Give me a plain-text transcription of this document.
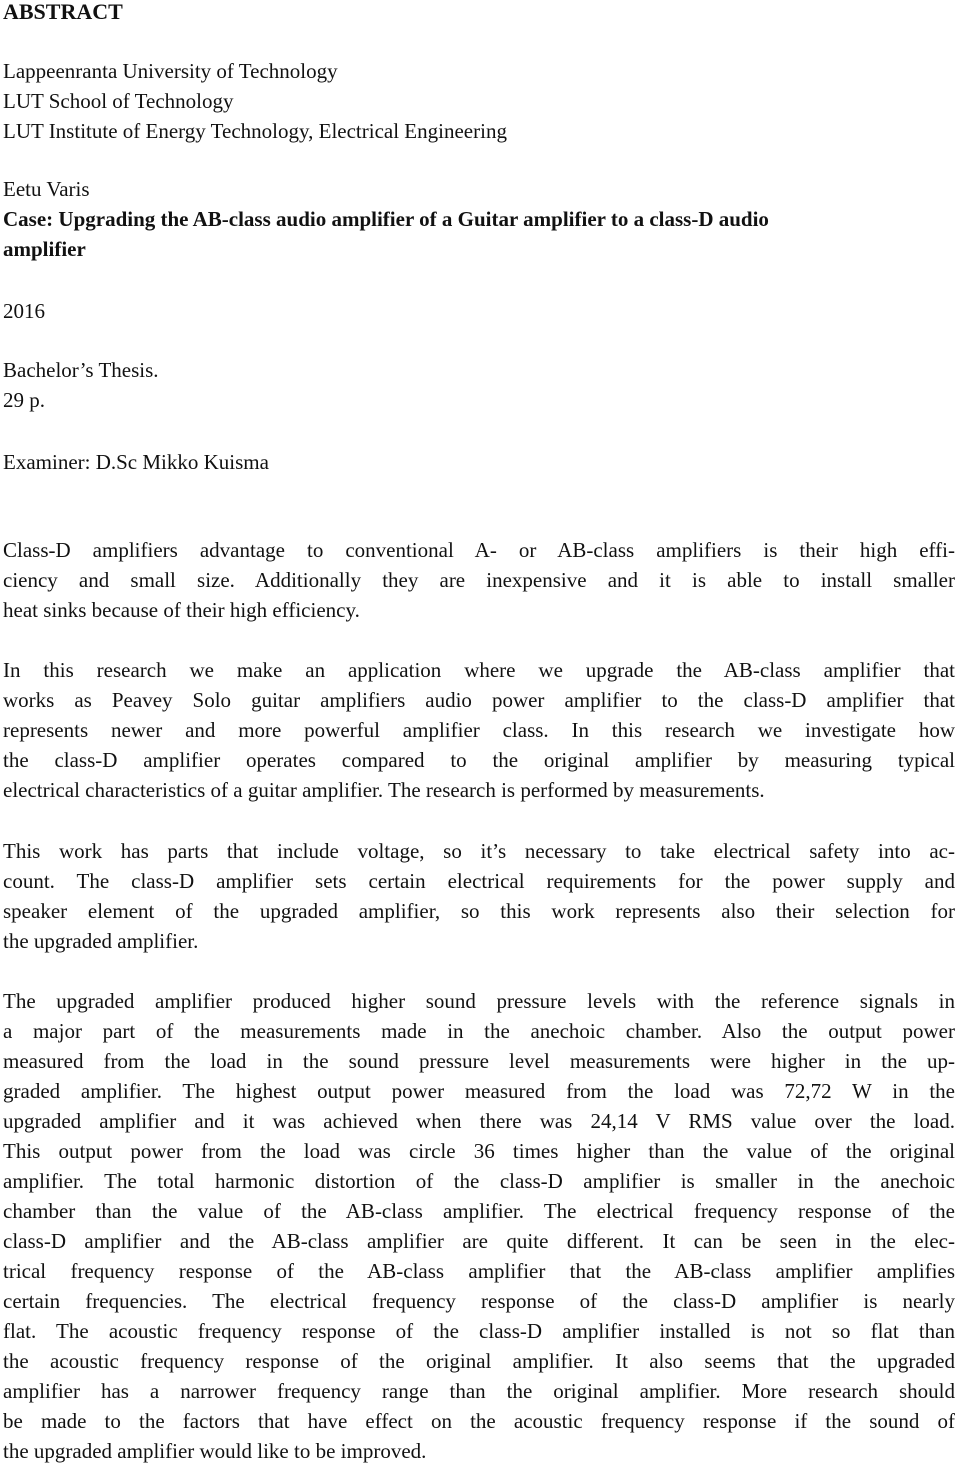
ABSTRACT
Lappeenranta University of Technology
LUT School of Technology
LUT Institute of Energy Technology, Electrical Engineering
Eetu Varis
Case: Upgrading the AB-class audio amplifier of a Guitar amplifier to a class-D audio
amplifier
2016
Bachelor’s Thesis.
29 p.
Examiner: D.Sc Mikko Kuisma
Class-D amplifiers advantage to conventional A- or AB-class amplifiers is their high effi-
ciency and small size. Additionally they are inexpensive and it is able to install smaller
heat sinks because of their high efficiency.
In this research we make an application where we upgrade the AB-class amplifier that
works as Peavey Solo guitar amplifiers audio power amplifier to the class-D amplifier that
represents newer and more powerful amplifier class. In this research we investigate how
the class-D amplifier operates compared to the original amplifier by measuring typical
electrical characteristics of a guitar amplifier. The research is performed by measurements.
This work has parts that include voltage, so it’s necessary to take electrical safety into ac-
count. The class-D amplifier sets certain electrical requirements for the power supply and
speaker element of the upgraded amplifier, so this work represents also their selection for
the upgraded amplifier.
The upgraded amplifier produced higher sound pressure levels with the reference signals in
a major part of the measurements made in the anechoic chamber. Also the output power
measured from the load in the sound pressure level measurements were higher in the up-
graded amplifier. The highest output power measured from the load was 72,72 W in the
upgraded amplifier and it was achieved when there was 24,14 V RMS value over the load.
This output power from the load was circle 36 times higher than the value of the original
amplifier. The total harmonic distortion of the class-D amplifier is smaller in the anechoic
chamber than the value of the AB-class amplifier. The electrical frequency response of the
class-D amplifier and the AB-class amplifier are quite different. It can be seen in the elec-
trical frequency response of the AB-class amplifier that the AB-class amplifier amplifies
certain frequencies. The electrical frequency response of the class-D amplifier is nearly
flat. The acoustic frequency response of the class-D amplifier installed is not so flat than
the acoustic frequency response of the original amplifier. It also seems that the upgraded
amplifier has a narrower frequency range than the original amplifier. More research should
be made to the factors that have effect on the acoustic frequency response if the sound of
the upgraded amplifier would like to be improved.
